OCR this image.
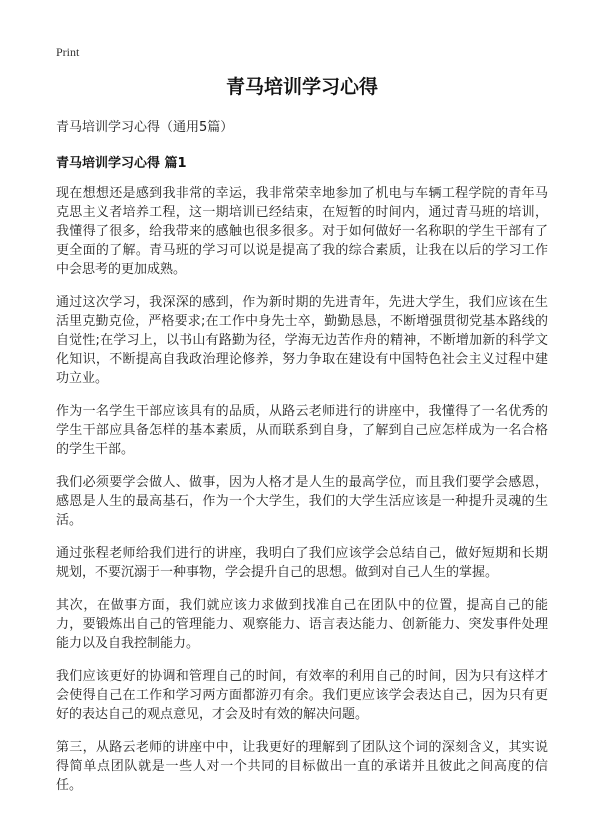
Print
青马培训学习心得
青马培训学习心得（通用5篇）
青马培训学习心得 篇1

现在想想还是感到我非常的幸运，我非常荣幸地参加了机电与车辆工程学院的青年马克思主义者培养工程，这一期培训已经结束，在短暂的时间内，通过青马班的培训，我懂得了很多，给我带来的感触也很多很多。对于如何做好一名称职的学生干部有了更全面的了解。青马班的学习可以说是提高了我的综合素质，让我在以后的学习工作中会思考的更加成熟。

通过这次学习，我深深的感到，作为新时期的先进青年，先进大学生，我们应该在生活里克勤克俭，严格要求;在工作中身先士卒，勤勤恳恳，不断增强贯彻党基本路线的自觉性;在学习上，以书山有路勤为径，学海无边苦作舟的精神，不断增加新的科学文化知识，不断提高自我政治理论修养，努力争取在建设有中国特色社会主义过程中建功立业。

作为一名学生干部应该具有的品质，从路云老师进行的讲座中，我懂得了一名优秀的学生干部应具备怎样的基本素质，从而联系到自身，了解到自己应怎样成为一名合格的学生干部。

我们必须要学会做人、做事，因为人格才是人生的最高学位，而且我们要学会感恩，感恩是人生的最高基石，作为一个大学生，我们的大学生活应该是一种提升灵魂的生活。

通过张程老师给我们进行的讲座，我明白了我们应该学会总结自己，做好短期和长期规划，不要沉溺于一种事物，学会提升自己的思想。做到对自己人生的掌握。

其次，在做事方面，我们就应该力求做到找准自己在团队中的位置，提高自己的能力，要锻炼出自己的管理能力、观察能力、语言表达能力、创新能力、突发事件处理能力以及自我控制能力。

我们应该更好的协调和管理自己的时间，有效率的利用自己的时间，因为只有这样才会使得自己在工作和学习两方面都游刃有余。我们更应该学会表达自己，因为只有更好的表达自己的观点意见，才会及时有效的解决问题。

第三，从路云老师的讲座中中，让我更好的理解到了团队这个词的深刻含义，其实说得简单点团队就是一些人对一个共同的目标做出一直的承诺并且彼此之间高度的信任。
